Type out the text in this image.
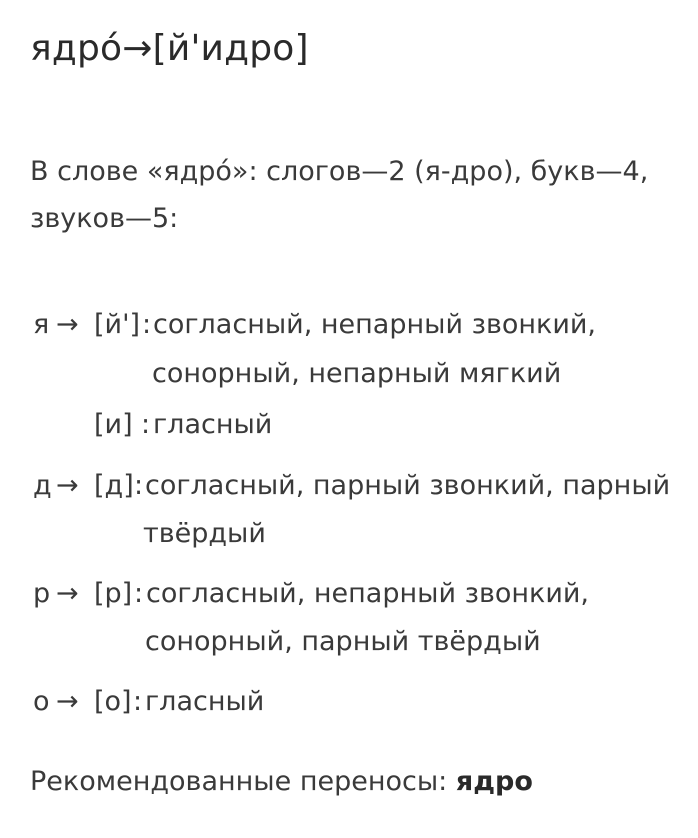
ядро́→[й'идро]
В слове «ядро́»: слогов—2 (я-дро), букв—4,
звуков—5:
я → [й'] : согласный, непарный звонкий,
сонорный, непарный мягкий
[и] : гласный
д → [д] : согласный, парный звонкий, парный
твёрдый
р → [р] : согласный, непарный звонкий,
сонорный, парный твёрдый
о → [о] : гласный
Рекомендованные переносы: ядро
